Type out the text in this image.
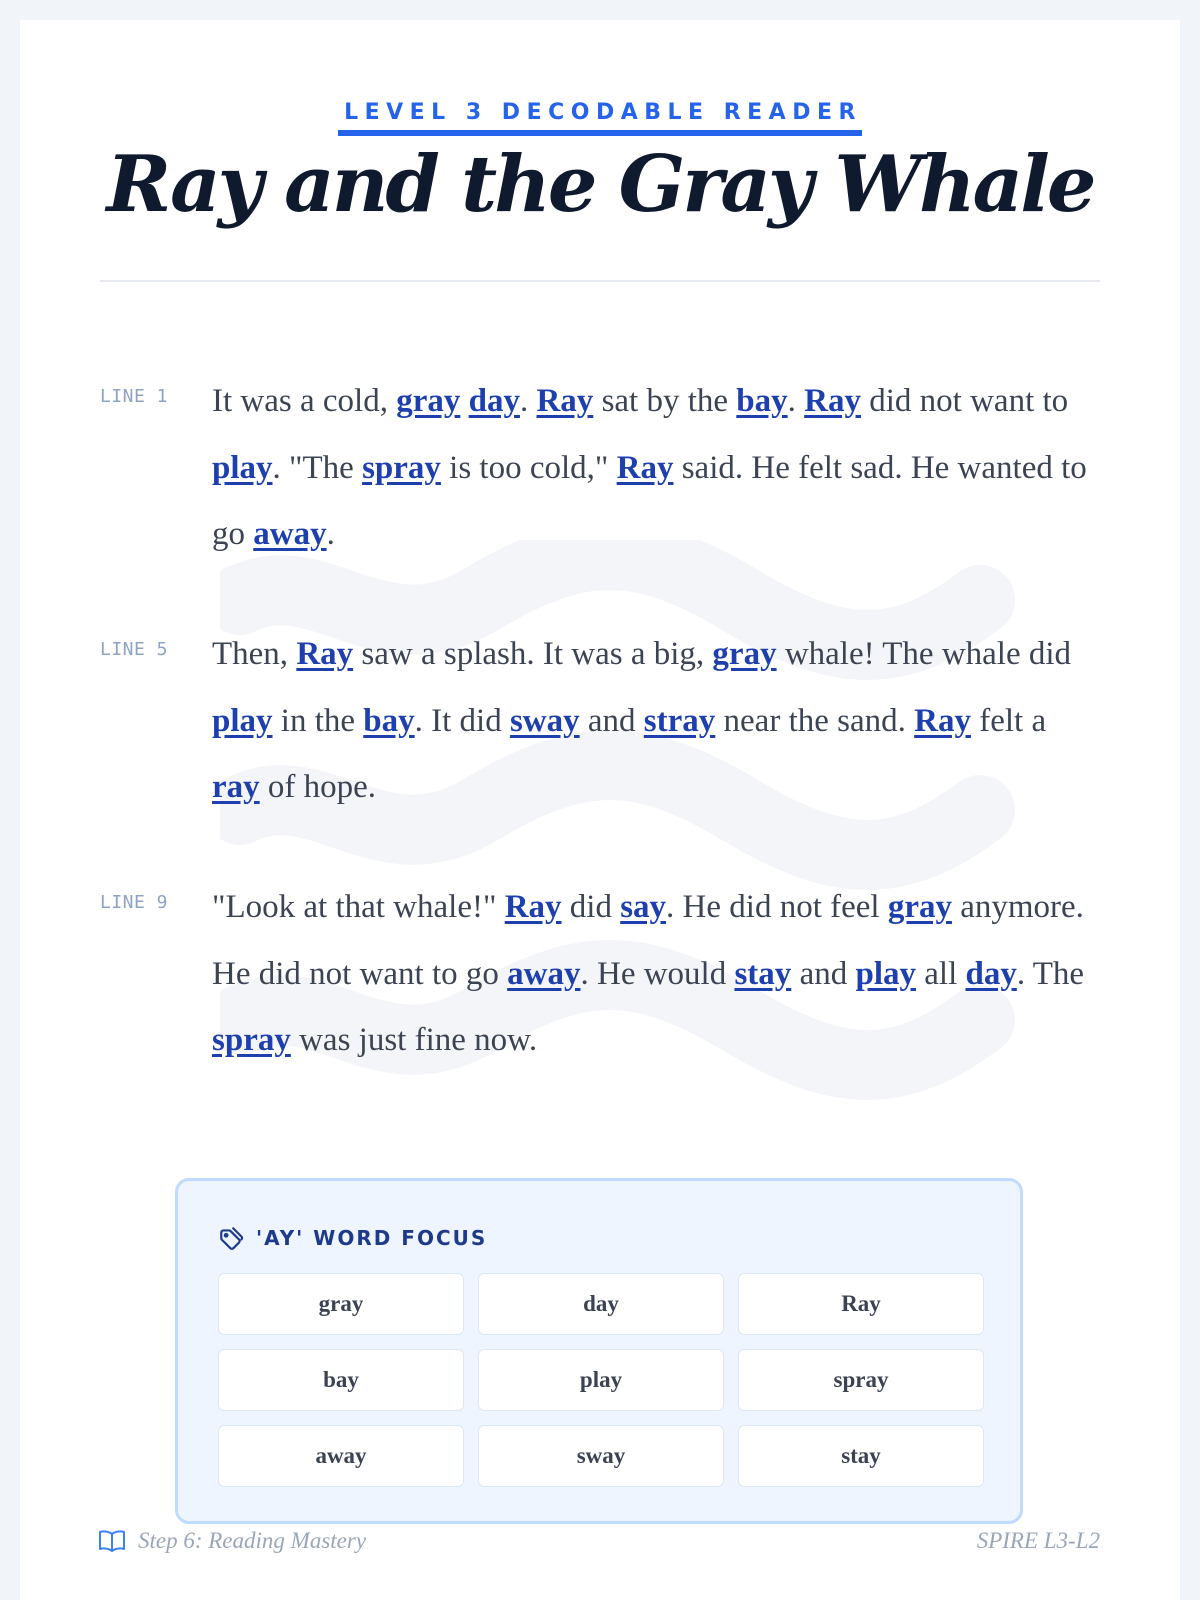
LEVEL 3 DECODABLE READER
Ray and the Gray Whale
LINE 1 It was a cold, gray day. Ray sat by the bay. Ray did not want to play. "The spray is too cold," Ray said. He felt sad. He wanted to go away.

LINE 5 Then, Ray saw a splash. It was a big, gray whale! The whale did play in the bay. It did sway and stray near the sand. Ray felt a ray of hope.

LINE 9 "Look at that whale!" Ray did say. He did not feel gray anymore. He did not want to go away. He would stay and play all day. The spray was just fine now.

'AY' WORD FOCUS
gray	day	Ray
bay	play	spray
away	sway	stay
Step 6: Reading Mastery	SPIRE L3-L2
